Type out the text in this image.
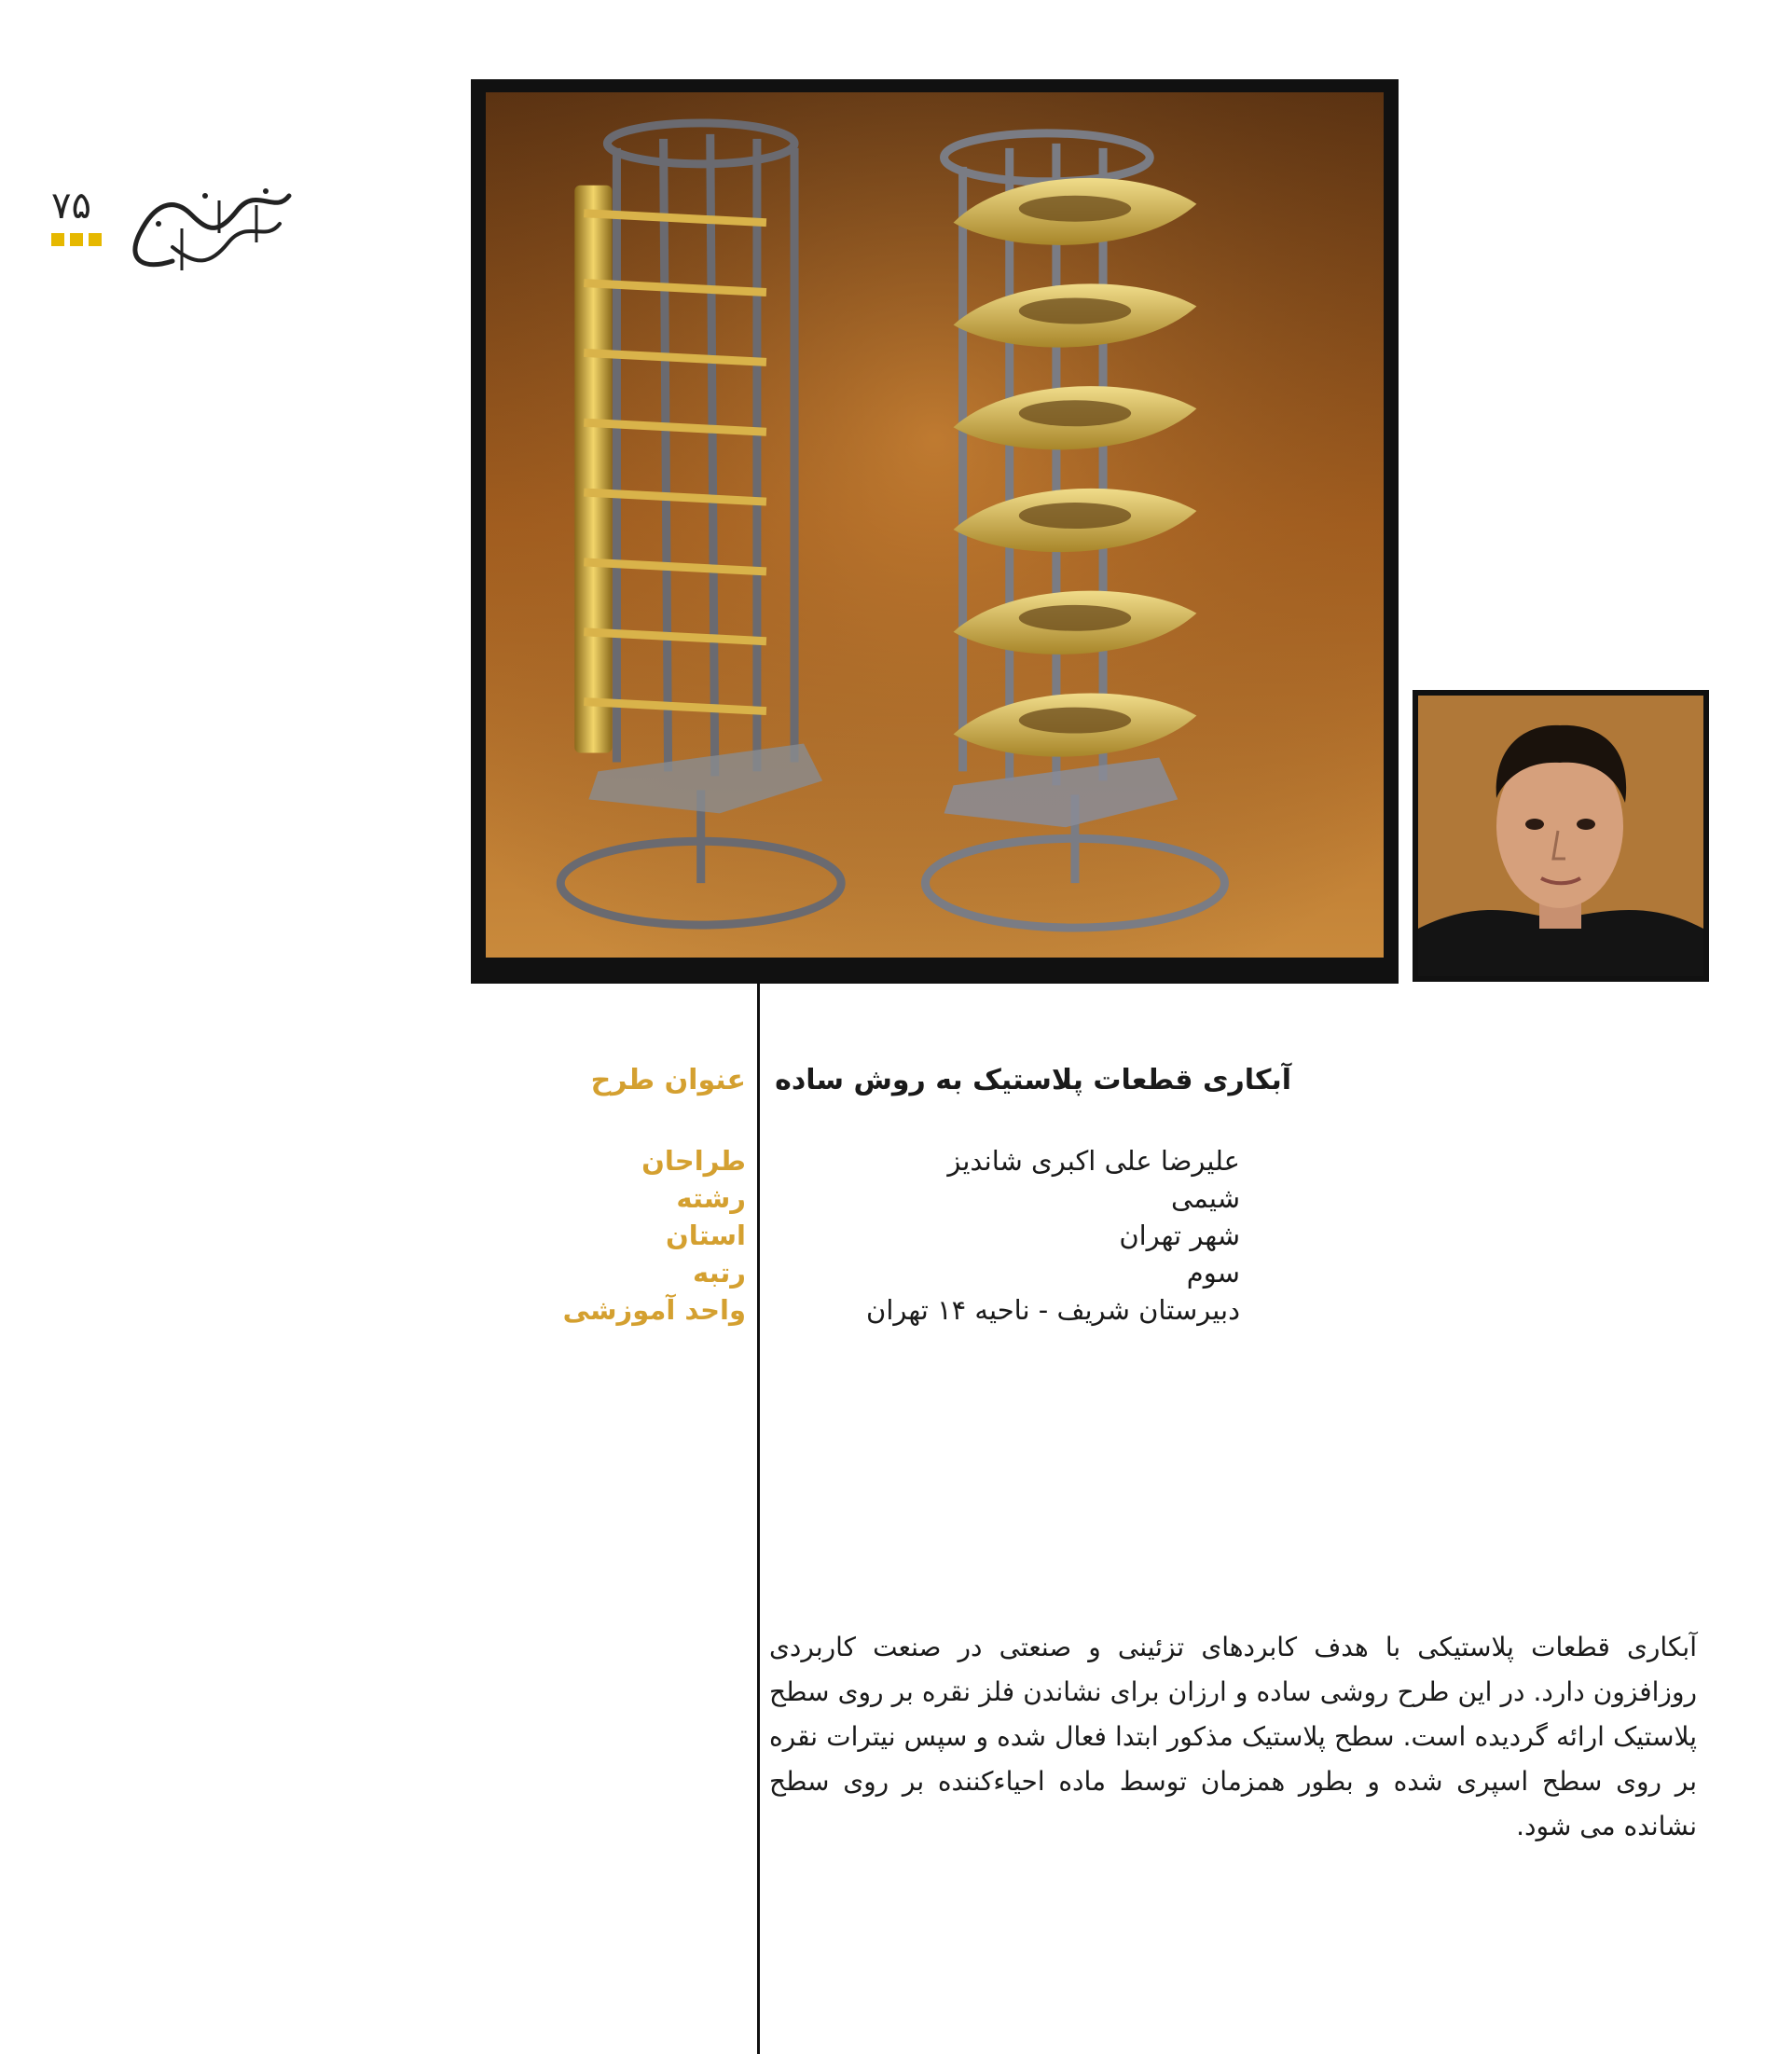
۷۵
عنوان طرح آبکاری قطعات پلاستیک به روش ساده
طراحان
رشته
استان
رتبه
واحد آموزشی
علیرضا علی اکبری شاندیز
شیمی
شهر تهران
سوم
دبیرستان شریف - ناحیه ۱۴ تهران
آبکاری قطعات پلاستیکی با هدف کابردهای تزئینی و صنعتی در صنعت کاربردی روزافزون دارد. در این طرح روشی ساده و ارزان برای نشاندن فلز نقره بر روی سطح پلاستیک ارائه گردیده است. سطح پلاستیک مذکور ابتدا فعال شده و سپس نیترات نقره بر روی سطح اسپری شده و بطور همزمان توسط ماده احیاءکننده بر روی سطح نشانده می شود.
